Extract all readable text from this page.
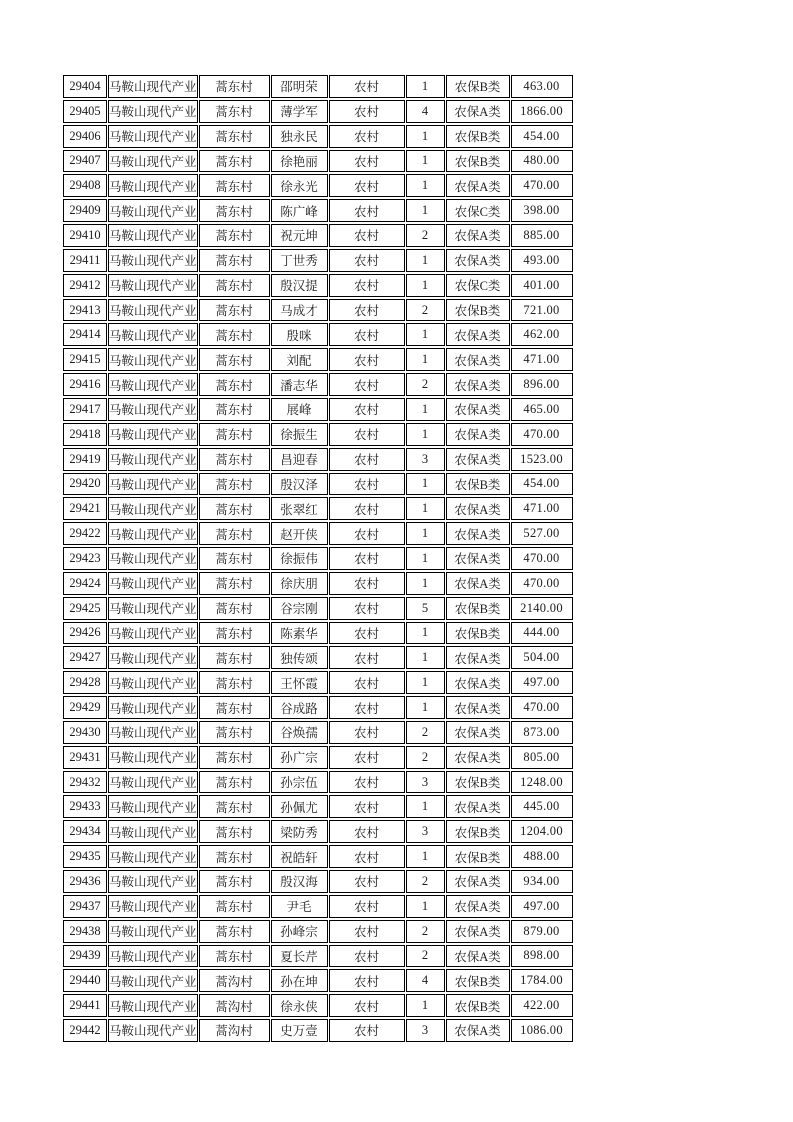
29404	马鞍山现代产业	蒿东村	邵明荣	农村	1	农保B类	463.00
29405	马鞍山现代产业	蒿东村	薄学军	农村	4	农保A类	1866.00
29406	马鞍山现代产业	蒿东村	独永民	农村	1	农保B类	454.00
29407	马鞍山现代产业	蒿东村	徐艳丽	农村	1	农保B类	480.00
29408	马鞍山现代产业	蒿东村	徐永光	农村	1	农保A类	470.00
29409	马鞍山现代产业	蒿东村	陈广峰	农村	1	农保C类	398.00
29410	马鞍山现代产业	蒿东村	祝元坤	农村	2	农保A类	885.00
29411	马鞍山现代产业	蒿东村	丁世秀	农村	1	农保A类	493.00
29412	马鞍山现代产业	蒿东村	殷汉提	农村	1	农保C类	401.00
29413	马鞍山现代产业	蒿东村	马成才	农村	2	农保B类	721.00
29414	马鞍山现代产业	蒿东村	殷咪	农村	1	农保A类	462.00
29415	马鞍山现代产业	蒿东村	刘配	农村	1	农保A类	471.00
29416	马鞍山现代产业	蒿东村	潘志华	农村	2	农保A类	896.00
29417	马鞍山现代产业	蒿东村	展峰	农村	1	农保A类	465.00
29418	马鞍山现代产业	蒿东村	徐振生	农村	1	农保A类	470.00
29419	马鞍山现代产业	蒿东村	昌迎春	农村	3	农保A类	1523.00
29420	马鞍山现代产业	蒿东村	殷汉泽	农村	1	农保B类	454.00
29421	马鞍山现代产业	蒿东村	张翠红	农村	1	农保A类	471.00
29422	马鞍山现代产业	蒿东村	赵开侠	农村	1	农保A类	527.00
29423	马鞍山现代产业	蒿东村	徐振伟	农村	1	农保A类	470.00
29424	马鞍山现代产业	蒿东村	徐庆朋	农村	1	农保A类	470.00
29425	马鞍山现代产业	蒿东村	谷宗刚	农村	5	农保B类	2140.00
29426	马鞍山现代产业	蒿东村	陈素华	农村	1	农保B类	444.00
29427	马鞍山现代产业	蒿东村	独传颂	农村	1	农保A类	504.00
29428	马鞍山现代产业	蒿东村	王怀霞	农村	1	农保A类	497.00
29429	马鞍山现代产业	蒿东村	谷成路	农村	1	农保A类	470.00
29430	马鞍山现代产业	蒿东村	谷焕孺	农村	2	农保A类	873.00
29431	马鞍山现代产业	蒿东村	孙广宗	农村	2	农保A类	805.00
29432	马鞍山现代产业	蒿东村	孙宗伍	农村	3	农保B类	1248.00
29433	马鞍山现代产业	蒿东村	孙佩尤	农村	1	农保A类	445.00
29434	马鞍山现代产业	蒿东村	梁防秀	农村	3	农保B类	1204.00
29435	马鞍山现代产业	蒿东村	祝皓轩	农村	1	农保B类	488.00
29436	马鞍山现代产业	蒿东村	殷汉海	农村	2	农保A类	934.00
29437	马鞍山现代产业	蒿东村	尹毛	农村	1	农保A类	497.00
29438	马鞍山现代产业	蒿东村	孙峰宗	农村	2	农保A类	879.00
29439	马鞍山现代产业	蒿东村	夏长芹	农村	2	农保A类	898.00
29440	马鞍山现代产业	蒿沟村	孙在坤	农村	4	农保B类	1784.00
29441	马鞍山现代产业	蒿沟村	徐永侠	农村	1	农保B类	422.00
29442	马鞍山现代产业	蒿沟村	史万壹	农村	3	农保A类	1086.00
